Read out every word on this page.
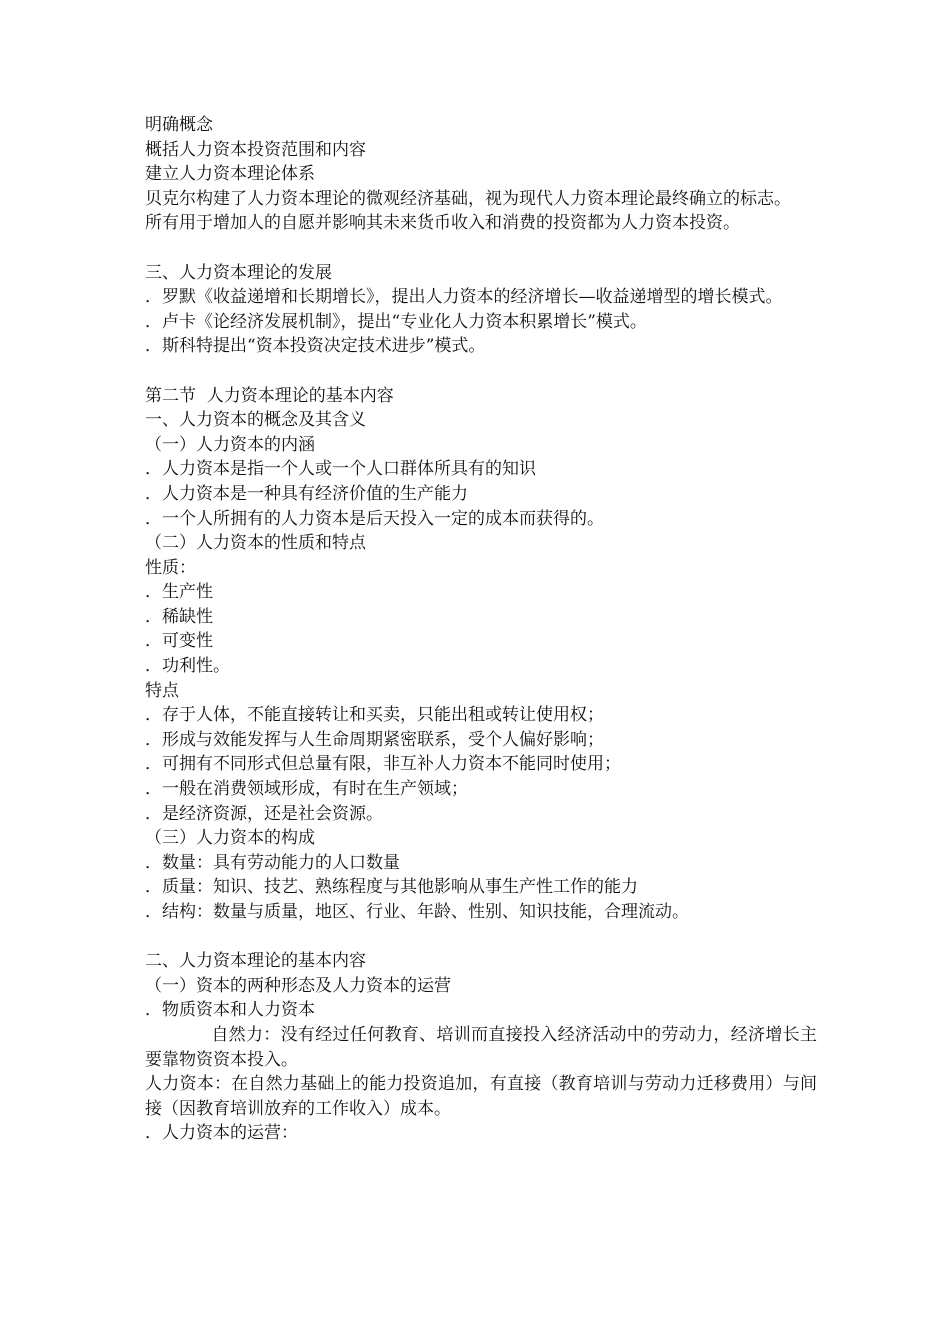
明确概念
概括人力资本投资范围和内容
建立人力资本理论体系
贝克尔构建了人力资本理论的微观经济基础，视为现代人力资本理论最终确立的标志。
所有用于增加人的自愿并影响其未来货币收入和消费的投资都为人力资本投资。
三、人力资本理论的发展
．罗默《收益递增和长期增长》，提出人力资本的经济增长—收益递增型的增长模式。
．卢卡《论经济发展机制》，提出“专业化人力资本积累增长”模式。
．斯科特提出“资本投资决定技术进步”模式。
第二节  人力资本理论的基本内容
一、人力资本的概念及其含义
（一）人力资本的内涵
．人力资本是指一个人或一个人口群体所具有的知识
．人力资本是一种具有经济价值的生产能力
．一个人所拥有的人力资本是后天投入一定的成本而获得的。
（二）人力资本的性质和特点
性质：
．生产性
．稀缺性
．可变性
．功利性。
特点
．存于人体，不能直接转让和买卖，只能出租或转让使用权；
．形成与效能发挥与人生命周期紧密联系，受个人偏好影响；
．可拥有不同形式但总量有限，非互补人力资本不能同时使用；
．一般在消费领域形成，有时在生产领域；
．是经济资源，还是社会资源。
（三）人力资本的构成
．数量：具有劳动能力的人口数量
．质量：知识、技艺、熟练程度与其他影响从事生产性工作的能力
．结构：数量与质量，地区、行业、年龄、性别、知识技能，合理流动。
二、人力资本理论的基本内容
（一）资本的两种形态及人力资本的运营
．物质资本和人力资本
自然力：没有经过任何教育、培训而直接投入经济活动中的劳动力，经济增长主要靠物资资本投入。
人力资本：在自然力基础上的能力投资追加，有直接（教育培训与劳动力迁移费用）与间接（因教育培训放弃的工作收入）成本。
．人力资本的运营：
